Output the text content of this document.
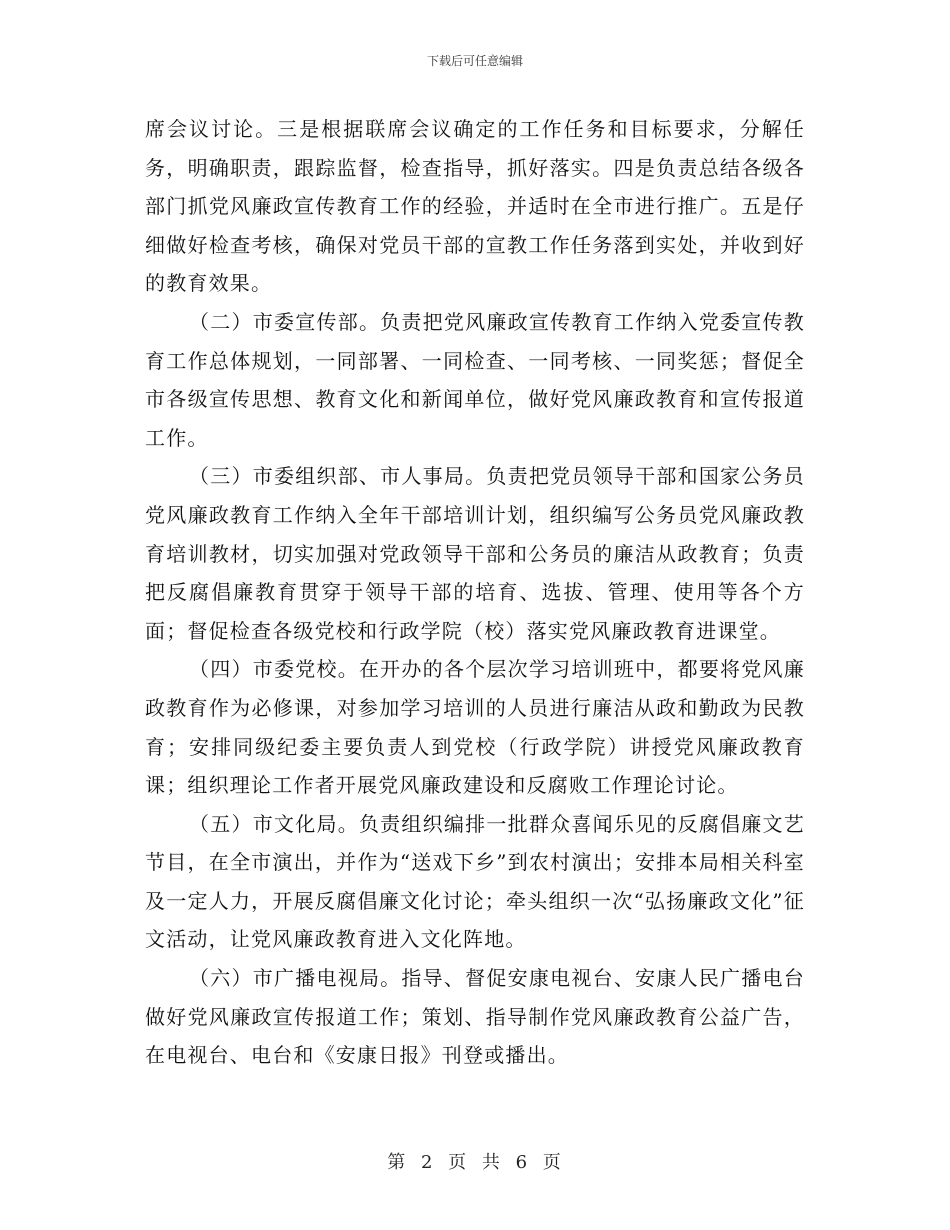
下载后可任意编辑

席会议讨论。三是根据联席会议确定的工作任务和目标要求，分解任务，明确职责，跟踪监督，检查指导，抓好落实。四是负责总结各级各部门抓党风廉政宣传教育工作的经验，并适时在全市进行推广。五是仔细做好检查考核，确保对党员干部的宣教工作任务落到实处，并收到好的教育效果。

（二）市委宣传部。负责把党风廉政宣传教育工作纳入党委宣传教育工作总体规划，一同部署、一同检查、一同考核、一同奖惩；督促全市各级宣传思想、教育文化和新闻单位，做好党风廉政教育和宣传报道工作。

（三）市委组织部、市人事局。负责把党员领导干部和国家公务员党风廉政教育工作纳入全年干部培训计划，组织编写公务员党风廉政教育培训教材，切实加强对党政领导干部和公务员的廉洁从政教育；负责把反腐倡廉教育贯穿于领导干部的培育、选拔、管理、使用等各个方面；督促检查各级党校和行政学院（校）落实党风廉政教育进课堂。

（四）市委党校。在开办的各个层次学习培训班中，都要将党风廉政教育作为必修课，对参加学习培训的人员进行廉洁从政和勤政为民教育；安排同级纪委主要负责人到党校（行政学院）讲授党风廉政教育课；组织理论工作者开展党风廉政建设和反腐败工作理论讨论。

（五）市文化局。负责组织编排一批群众喜闻乐见的反腐倡廉文艺节目，在全市演出，并作为“送戏下乡”到农村演出；安排本局相关科室及一定人力，开展反腐倡廉文化讨论；牵头组织一次“弘扬廉政文化”征文活动，让党风廉政教育进入文化阵地。

（六）市广播电视局。指导、督促安康电视台、安康人民广播电台做好党风廉政宣传报道工作；策划、指导制作党风廉政教育公益广告，在电视台、电台和《安康日报》刊登或播出。

第 2 页 共 6 页
